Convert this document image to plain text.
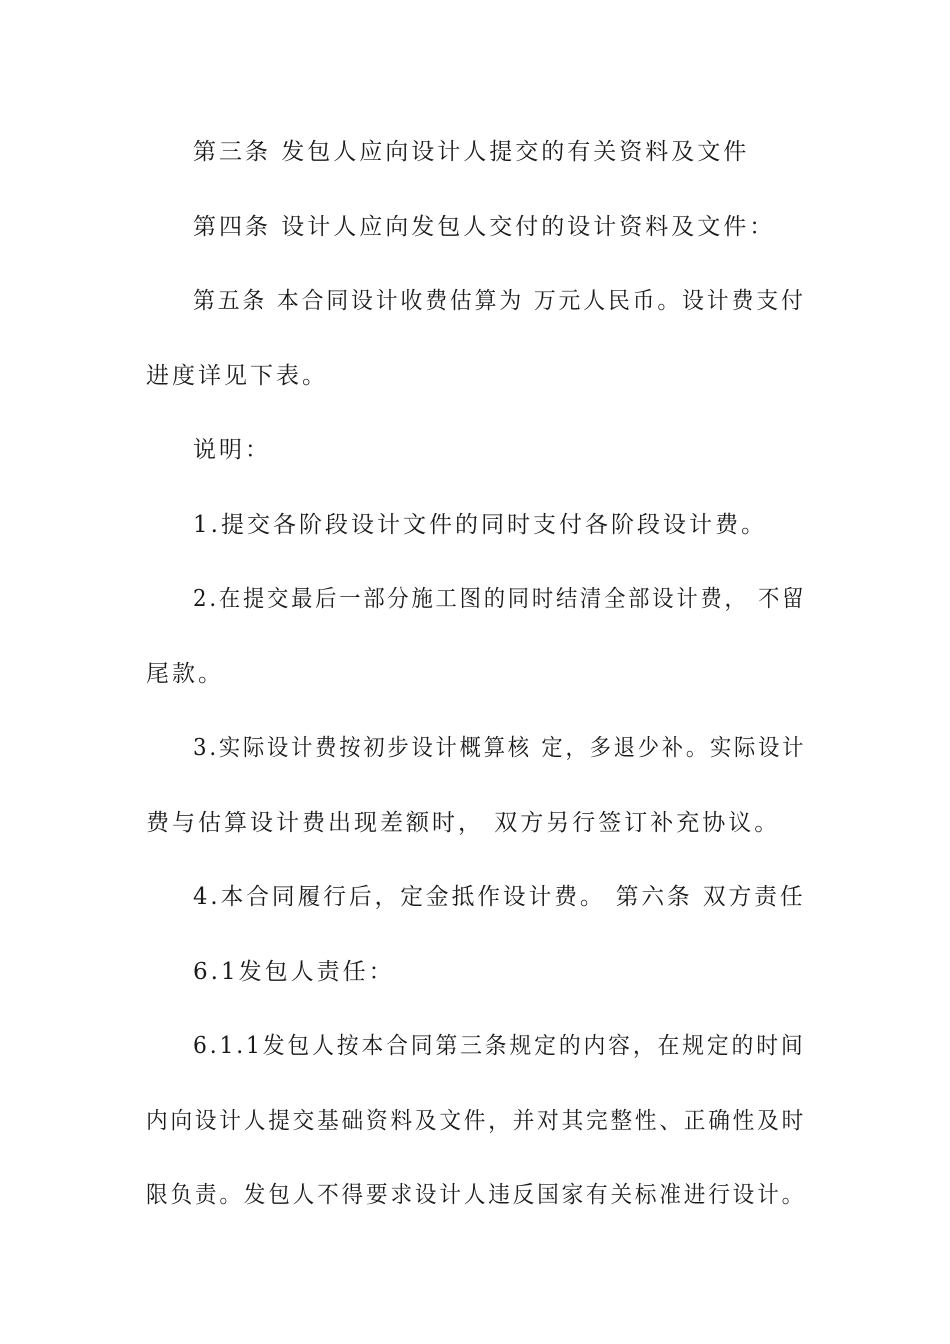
第三条 发包人应向设计人提交的有关资料及文件
第四条 设计人应向发包人交付的设计资料及文件：
第五条 本合同设计收费估算为 万元人民币。设计费支付
进度详见下表。
说明：
1.提交各阶段设计文件的同时支付各阶段设计费。
2.在提交最后一部分施工图的同时结清全部设计费， 不留
尾款。
3.实际设计费按初步设计概算核 定，多退少补。实际设计
费与估算设计费出现差额时， 双方另行签订补充协议。
4.本合同履行后，定金抵作设计费。 第六条 双方责任
6.1发包人责任：
6.1.1发包人按本合同第三条规定的内容，在规定的时间
内向设计人提交基础资料及文件，并对其完整性、正确性及时
限负责。发包人不得要求设计人违反国家有关标准进行设计。
